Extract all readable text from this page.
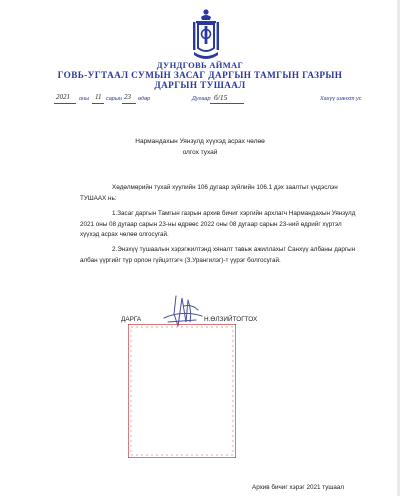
ДУНДГОВЬ АЙМАГ
ГОВЬ-УГТААЛ СУМЫН ЗАСАГ ДАРГЫН ТАМГЫН ГАЗРЫН
ДАРГЫН ТУШААЛ
2021 оны 11 сарын 23 өдөр	Дугаар б/15	Хахүү шанхт ус
Нармандахын Уянзулд хүүхэд асрах чөлөө
олгох тухай
Хөдөлмөрийн тухай хуулийн 106 дугаар зүйлийн 106.1 дэх заалтыг үндэслэн ТУШААХ нь:
1.Засаг даргын Тамгын газрын архив бичиг хэргийн архлагч Нармандахын Уянзулд 2021 оны 08 дугаар сарын 23-ны өдрөөс 2022 оны 08 дугаар сарын 23-ний өдрийг хүртэл хүүхэд асрах чөлөө олгосугай.
2.Энэхүү тушаалын хэрэгжилтэнд хяналт тавьж ажиллахыг Санхүү албаны даргын албан үүргийг түр орлон гүйцэтгэгч (З.Урангилэг)-т үүрэг болгосугай.
ДАРГА	Н.ӨЛЗИЙТОГТОХ
Архив бичиг хэрэг 2021 тушаал
